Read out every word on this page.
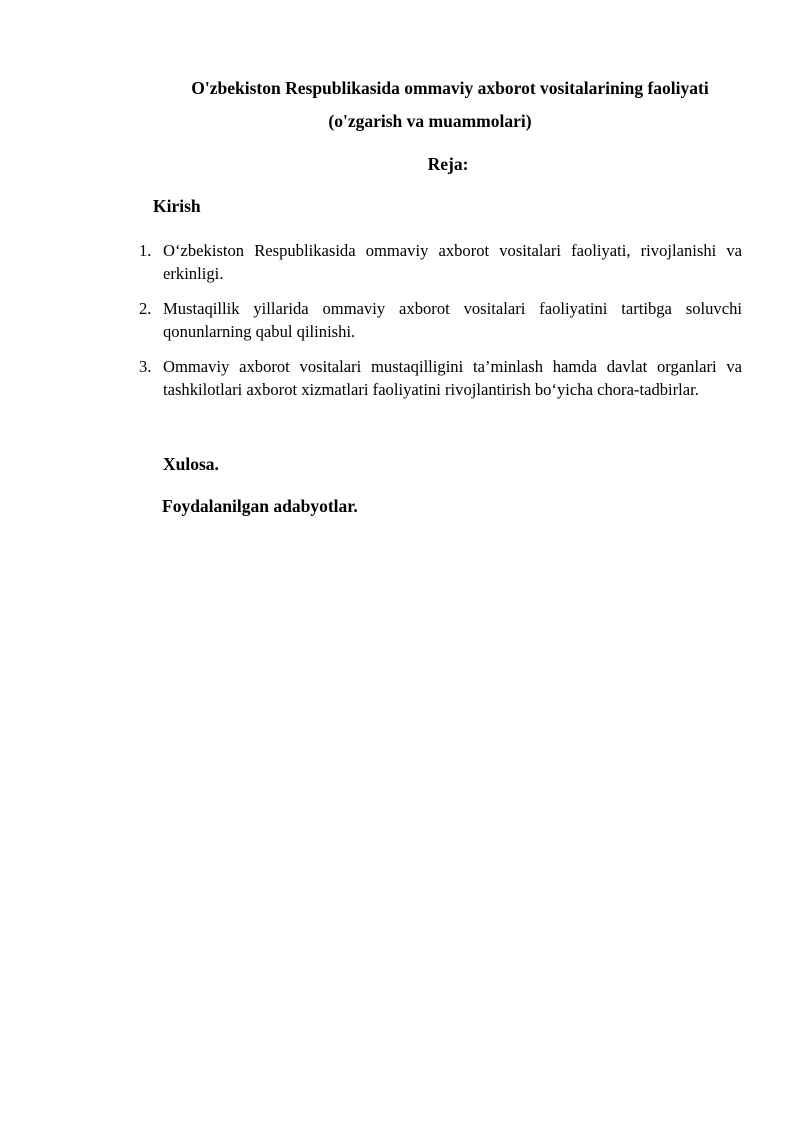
O'zbekiston Respublikasida ommaviy axborot vositalarining faoliyati
(o'zgarish va muammolari)
Reja:
Kirish
1. O‘zbekiston Respublikasida ommaviy axborot vositalari faoliyati, rivojlanishi va erkinligi.
2. Mustaqillik yillarida ommaviy axborot vositalari faoliyatini tartibga soluvchi qonunlarning qabul qilinishi.
3. Ommaviy axborot vositalari mustaqilligini ta’minlash hamda davlat organlari va tashkilotlari axborot xizmatlari faoliyatini rivojlantirish bo‘yicha chora-tadbirlar.
Xulosa.
Foydalanilgan adabyotlar.
